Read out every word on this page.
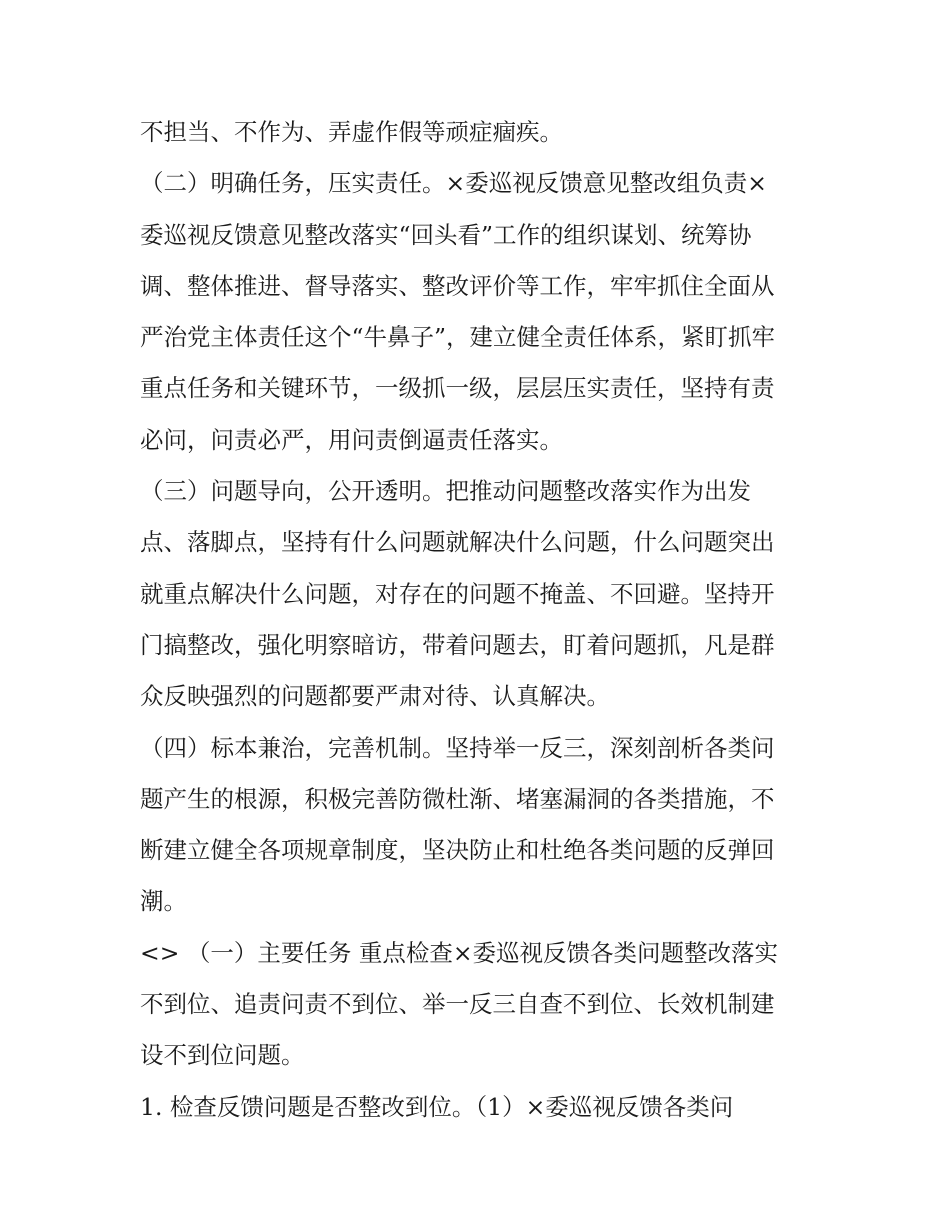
不担当、不作为、弄虚作假等顽症痼疾。

（二）明确任务，压实责任。×委巡视反馈意见整改组负责×
委巡视反馈意见整改落实“回头看”工作的组织谋划、统筹协
调、整体推进、督导落实、整改评价等工作，牢牢抓住全面从
严治党主体责任这个“牛鼻子”，建立健全责任体系，紧盯抓牢
重点任务和关键环节，一级抓一级，层层压实责任，坚持有责
必问，问责必严，用问责倒逼责任落实。

（三）问题导向，公开透明。把推动问题整改落实作为出发
点、落脚点，坚持有什么问题就解决什么问题，什么问题突出
就重点解决什么问题，对存在的问题不掩盖、不回避。坚持开
门搞整改，强化明察暗访，带着问题去，盯着问题抓，凡是群
众反映强烈的问题都要严肃对待、认真解决。

（四）标本兼治，完善机制。坚持举一反三，深刻剖析各类问
题产生的根源，积极完善防微杜渐、堵塞漏洞的各类措施，不
断建立健全各项规章制度，坚决防止和杜绝各类问题的反弹回
潮。

<> （一）主要任务 重点检查×委巡视反馈各类问题整改落实
不到位、追责问责不到位、举一反三自查不到位、长效机制建
设不到位问题。

1. 检查反馈问题是否整改到位。（1）×委巡视反馈各类问
